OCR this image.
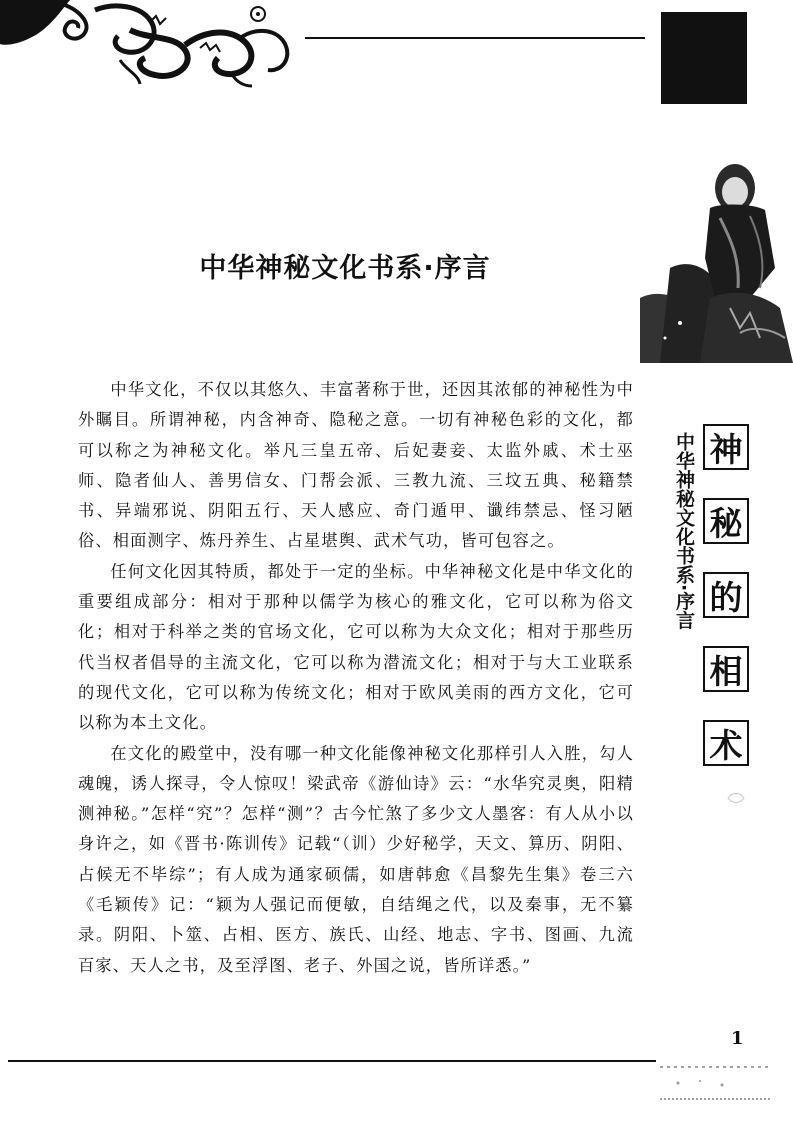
中华神秘文化书系·序言

中华文化，不仅以其悠久、丰富著称于世，还因其浓郁的神秘性为中外瞩目。所谓神秘，内含神奇、隐秘之意。一切有神秘色彩的文化，都可以称之为神秘文化。举凡三皇五帝、后妃妻妾、太监外戚、术士巫师、隐者仙人、善男信女、门帮会派、三教九流、三坟五典、秘籍禁书、异端邪说、阴阳五行、天人感应、奇门遁甲、谶纬禁忌、怪习陋俗、相面测字、炼丹养生、占星堪舆、武术气功，皆可包容之。

任何文化因其特质，都处于一定的坐标。中华神秘文化是中华文化的重要组成部分：相对于那种以儒学为核心的雅文化，它可以称为俗文化；相对于科举之类的官场文化，它可以称为大众文化；相对于那些历代当权者倡导的主流文化，它可以称为潜流文化；相对于与大工业联系的现代文化，它可以称为传统文化；相对于欧风美雨的西方文化，它可以称为本土文化。

在文化的殿堂中，没有哪一种文化能像神秘文化那样引人入胜，勾人魂魄，诱人探寻，令人惊叹！梁武帝《游仙诗》云：“水华究灵奥，阳精测神秘。”怎样“究”？怎样“测”？古今忙煞了多少文人墨客：有人从小以身许之，如《晋书·陈训传》记载“（训）少好秘学，天文、算历、阴阳、占候无不毕综”；有人成为通家硕儒，如唐韩愈《昌黎先生集》卷三六《毛颖传》记：“颖为人强记而便敏，自结绳之代，以及秦事，无不纂录。阴阳、卜筮、占相、医方、族氏、山经、地志、字书、图画、九流百家、天人之书，及至浮图、老子、外国之说，皆所详悉。”

中华神秘文化书系·序言 神
秘
的
相
术
1
